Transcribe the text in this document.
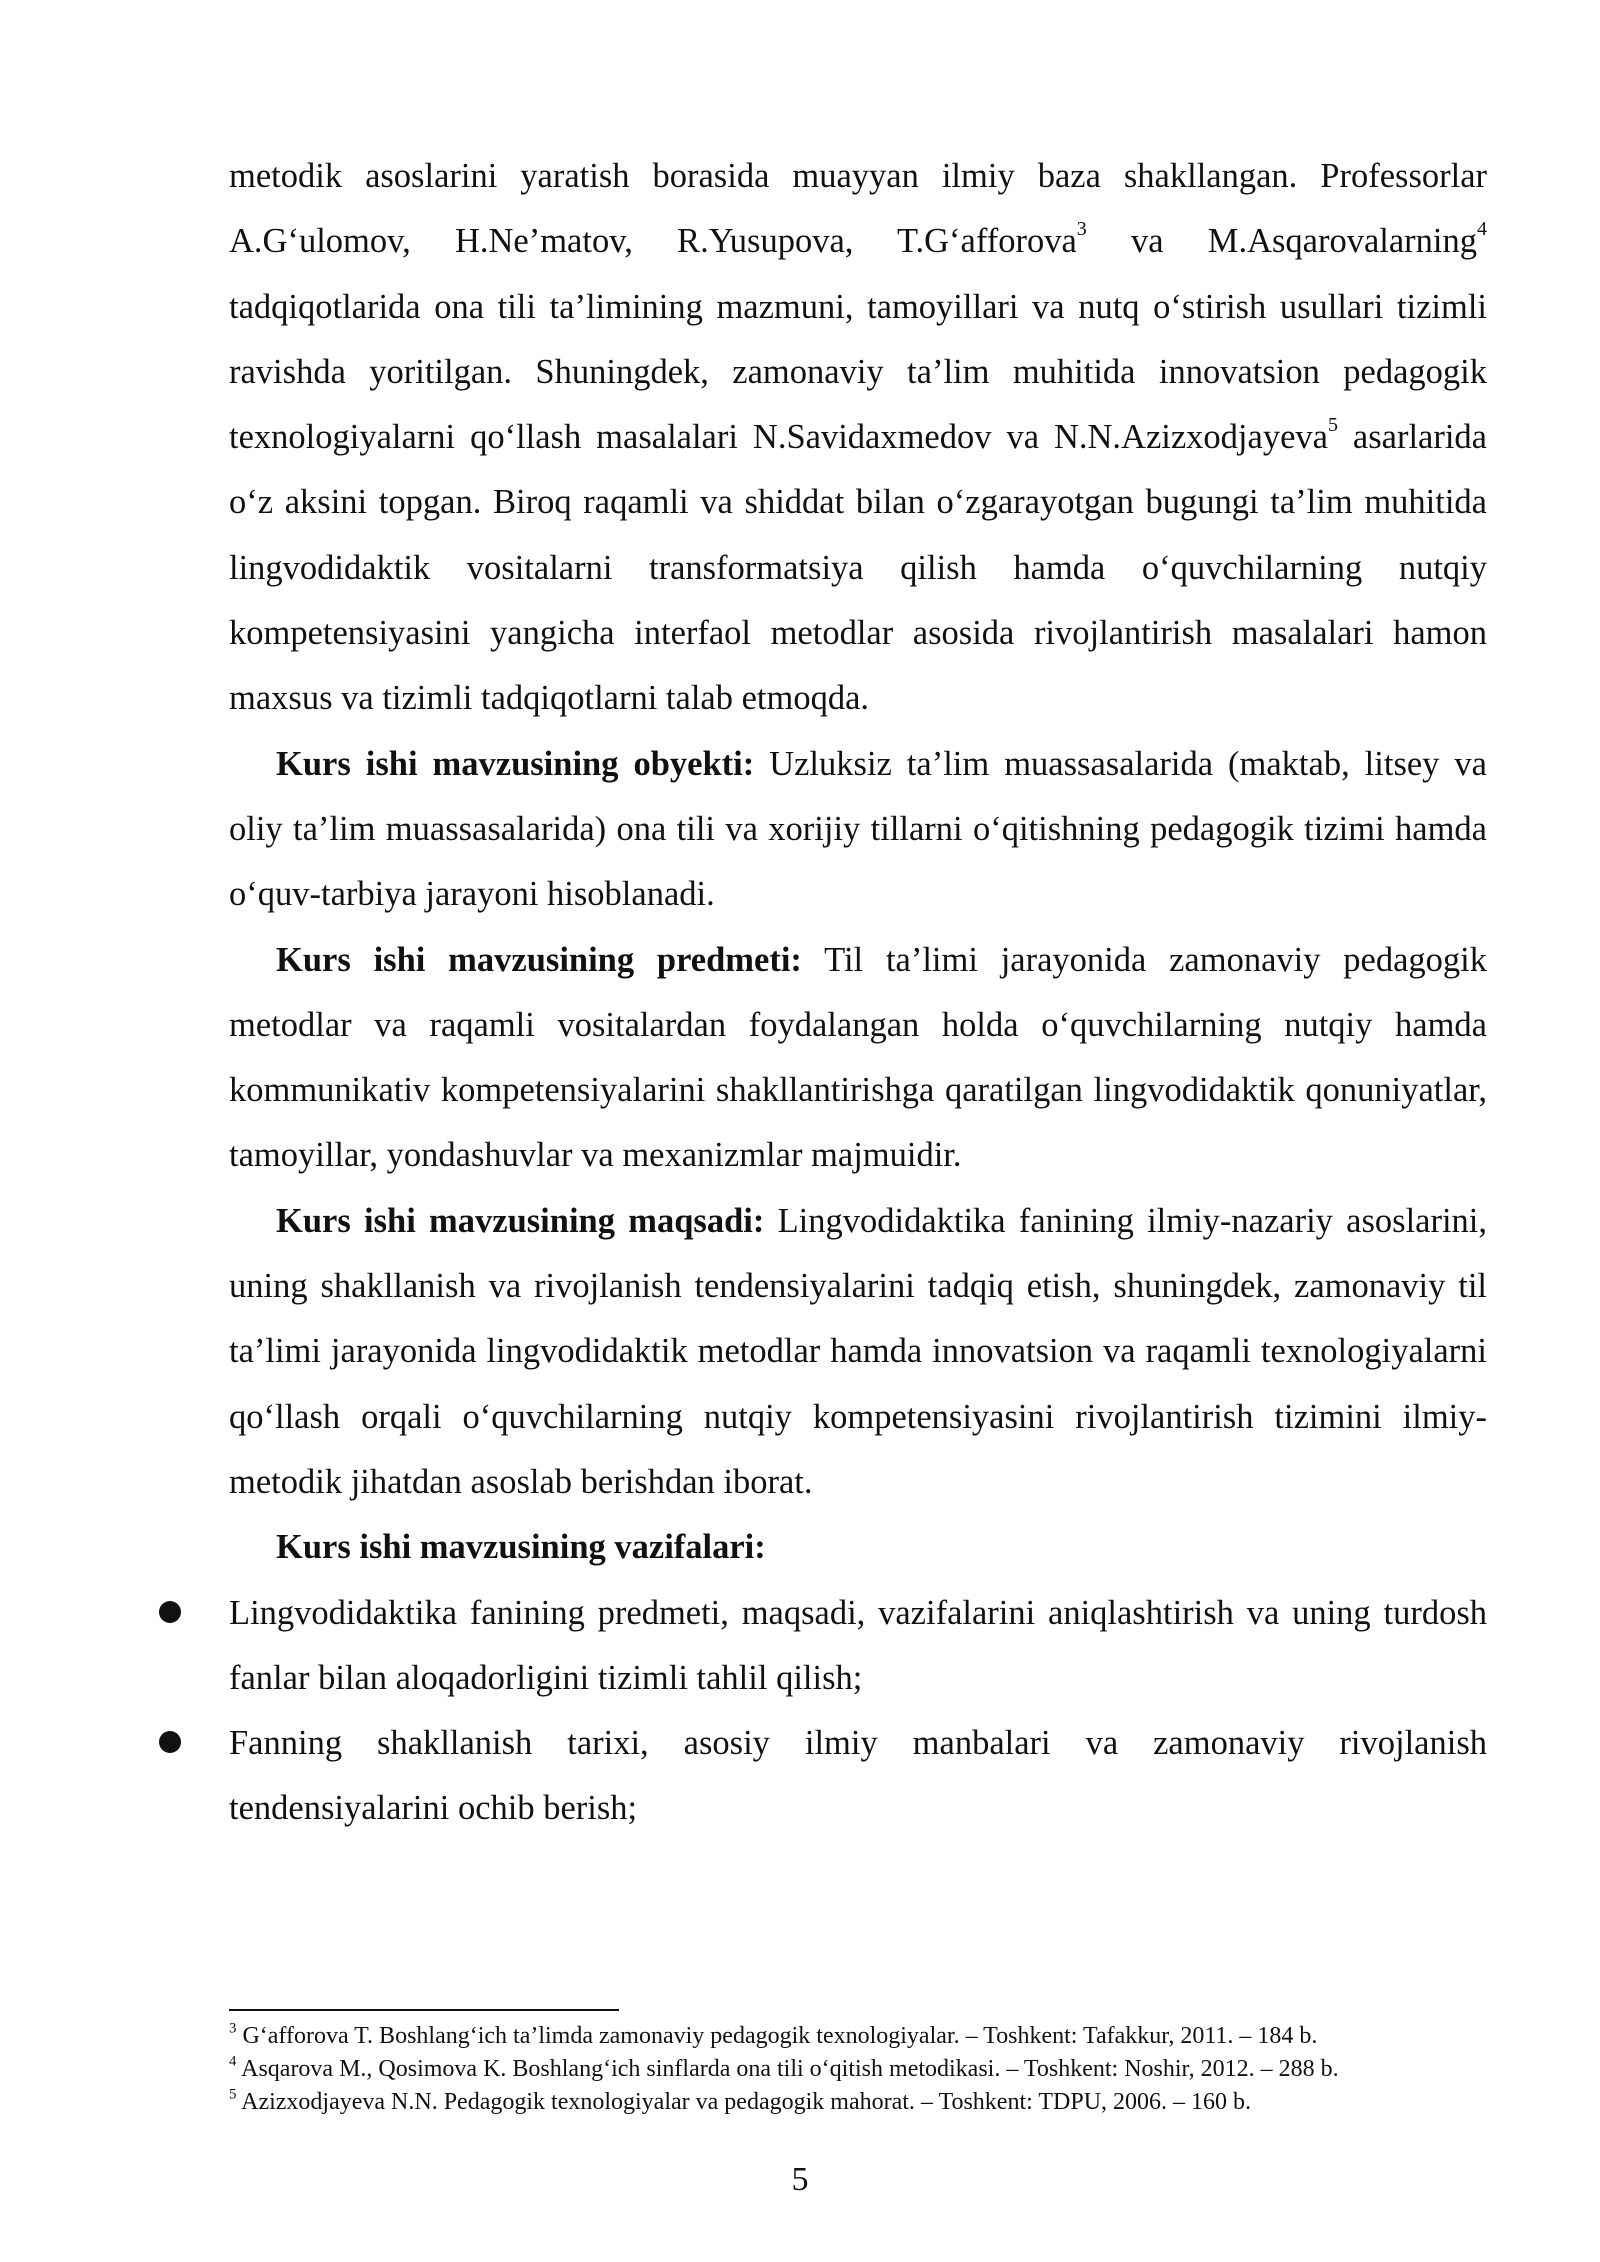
metodik asoslarini yaratish borasida muayyan ilmiy baza shakllangan. Professorlar A.G‘ulomov, H.Ne’matov, R.Yusupova, T.G‘afforova$^3$ va M.Asqarovalarning$^4$ tadqiqotlarida ona tili ta’limining mazmuni, tamoyillari va nutq o‘stirish usullari tizimli ravishda yoritilgan. Shuningdek, zamonaviy ta’lim muhitida innovatsion pedagogik texnologiyalarni qo‘llash masalalari N.Savidaxmedov va N.N.Azizxodjayeva$^5$ asarlarida o‘z aksini topgan. Biroq raqamli va shiddat bilan o‘zgarayotgan bugungi ta’lim muhitida lingvodidaktik vositalarni transformatsiya qilish hamda o‘quvchilarning nutqiy kompetensiyasini yangicha interfaol metodlar asosida rivojlantirish masalalari hamon maxsus va tizimli tadqiqotlarni talab etmoqda.

Kurs ishi mavzusining obyekti: Uzluksiz ta’lim muassasalarida (maktab, litsey va oliy ta’lim muassasalarida) ona tili va xorijiy tillarni o‘qitishning pedagogik tizimi hamda o‘quv-tarbiya jarayoni hisoblanadi.

Kurs ishi mavzusining predmeti: Til ta’limi jarayonida zamonaviy pedagogik metodlar va raqamli vositalardan foydalangan holda o‘quvchilarning nutqiy hamda kommunikativ kompetensiyalarini shakllantirishga qaratilgan lingvodidaktik qonuniyatlar, tamoyillar, yondashuvlar va mexanizmlar majmuidir.

Kurs ishi mavzusining maqsadi: Lingvodidaktika fanining ilmiy-nazariy asoslarini, uning shakllanish va rivojlanish tendensiyalarini tadqiq etish, shuningdek, zamonaviy til ta’limi jarayonida lingvodidaktik metodlar hamda innovatsion va raqamli texnologiyalarni qo‘llash orqali o‘quvchilarning nutqiy kompetensiyasini rivojlantirish tizimini ilmiy-metodik jihatdan asoslab berishdan iborat.

Kurs ishi mavzusining vazifalari:

Lingvodidaktika fanining predmeti, maqsadi, vazifalarini aniqlashtirish va uning turdosh fanlar bilan aloqadorligini tizimli tahlil qilish;
Fanning shakllanish tarixi, asosiy ilmiy manbalari va zamonaviy rivojlanish tendensiyalarini ochib berish;

$^3$ G‘afforova T. Boshlang‘ich ta’limda zamonaviy pedagogik texnologiyalar. – Toshkent: Tafakkur, 2011. – 184 b.

$^4$ Asqarova M., Qosimova K. Boshlang‘ich sinflarda ona tili o‘qitish metodikasi. – Toshkent: Noshir, 2012. – 288 b.

$^5$ Azizxodjayeva N.N. Pedagogik texnologiyalar va pedagogik mahorat. – Toshkent: TDPU, 2006. – 160 b.

5
